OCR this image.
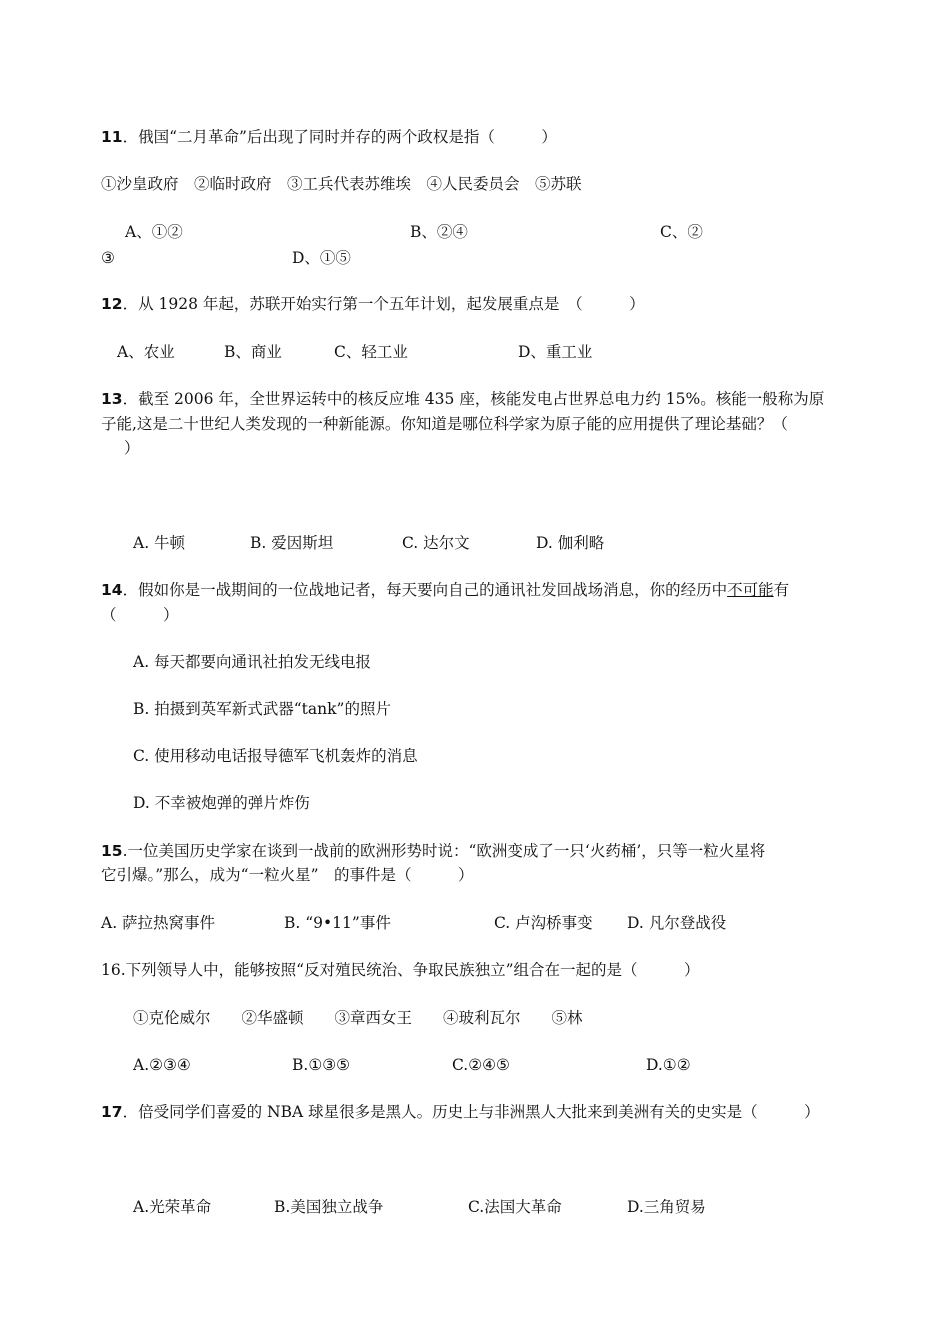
11．俄国“二月革命”后出现了同时并存的两个政权是指（　　　）
①沙皇政府　②临时政府　③工兵代表苏维埃　④人民委员会　⑤苏联
A、①②	B、②④	C、②
③	D、①⑤
12．从 1928 年起，苏联开始实行第一个五年计划，起发展重点是　（　　　）
A、农业	B、商业	C、轻工业	D、重工业
13．截至 2006 年，全世界运转中的核反应堆 435 座，核能发电占世界总电力约 15%。核能一般称为原
子能,这是二十世纪人类发现的一种新能源。你知道是哪位科学家为原子能的应用提供了理论基础？（
）
A. 牛顿	B. 爱因斯坦	C. 达尔文	D. 伽利略
14．假如你是一战期间的一位战地记者，每天要向自己的通讯社发回战场消息，你的经历中不可能有
（　　　）
A. 每天都要向通讯社拍发无线电报
B. 拍摄到英军新式武器“tank”的照片
C. 使用移动电话报导德军飞机轰炸的消息
D. 不幸被炮弹的弹片炸伤
15.一位美国历史学家在谈到一战前的欧洲形势时说：“欧洲变成了一只‘火药桶’，只等一粒火星将
它引爆。”那么，成为“一粒火星”　的事件是（　　　）
A. 萨拉热窝事件	B. “9•11”事件	C. 卢沟桥事变 D. 凡尔登战役
16.下列领导人中，能够按照“反对殖民统治、争取民族独立”组合在一起的是（　　　）
①克伦威尔　　②华盛顿　　③章西女王　　④玻利瓦尔　　⑤林
A.②③④	B.①③⑤	C.②④⑤	D.①②
17．倍受同学们喜爱的 NBA 球星很多是黑人。历史上与非洲黑人大批来到美洲有关的史实是（　　　）
A.光荣革命	B.美国独立战争	C.法国大革命	D.三角贸易
